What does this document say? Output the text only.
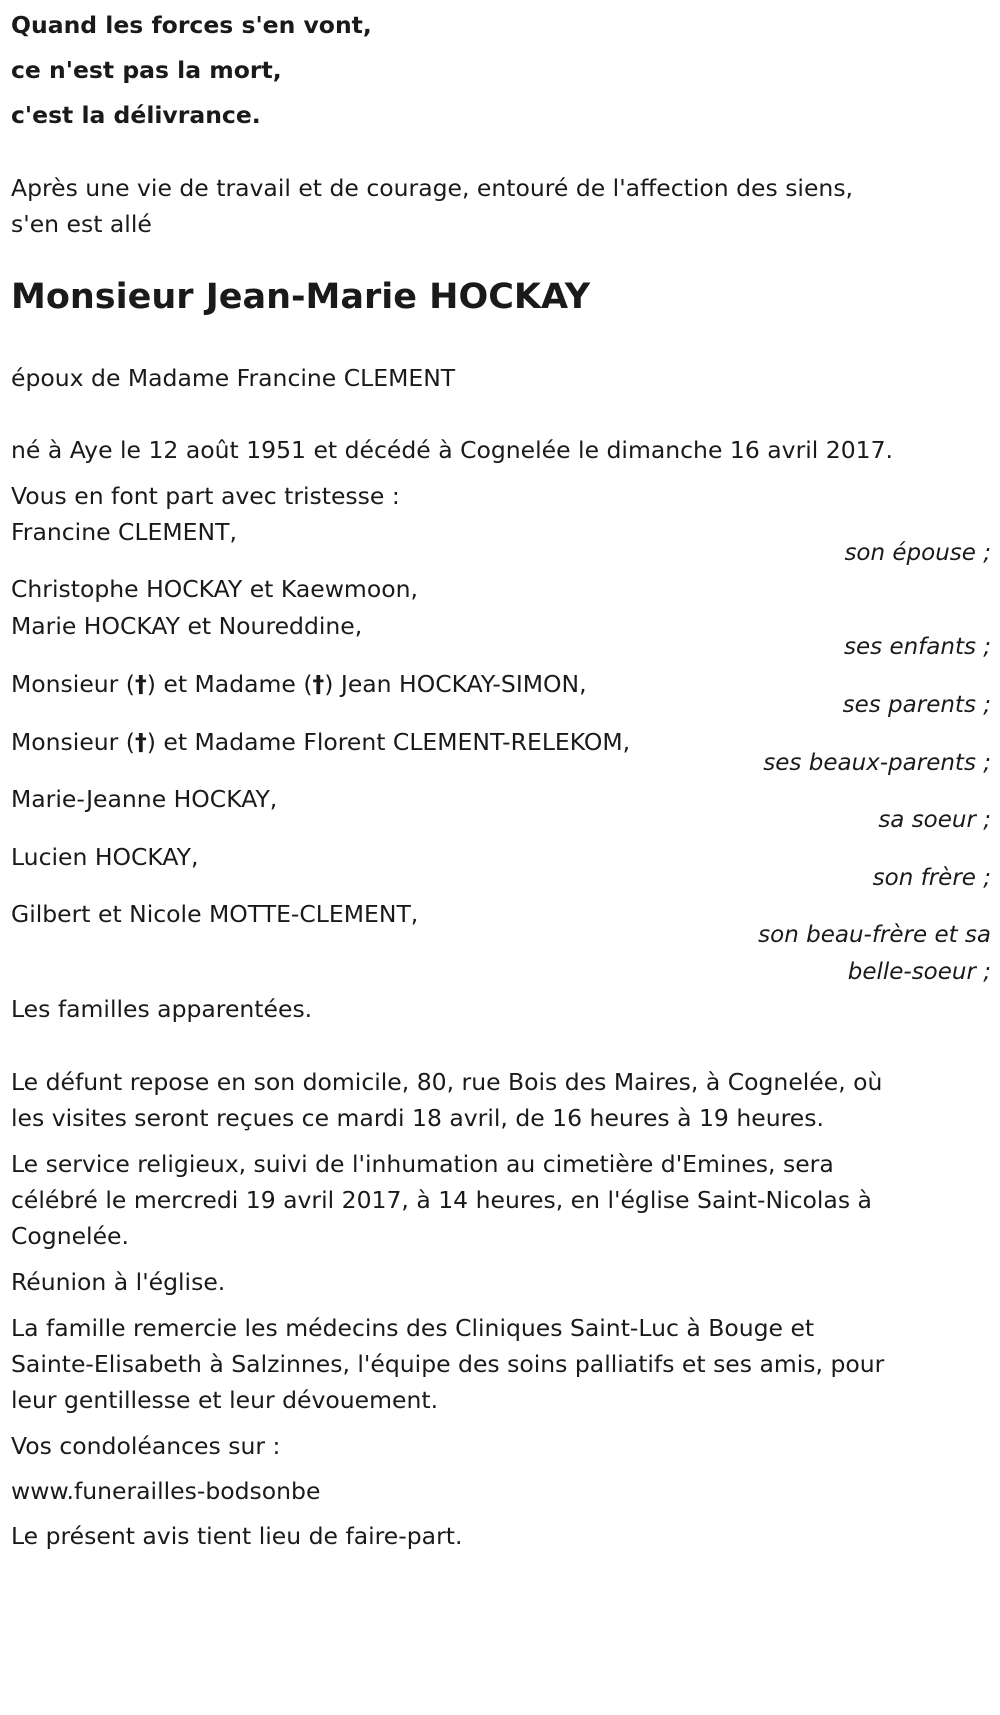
Quand les forces s'en vont,
ce n'est pas la mort,
c'est la délivrance.
Après une vie de travail et de courage, entouré de l'affection des siens,
s'en est allé
Monsieur Jean-Marie HOCKAY
époux de Madame Francine CLEMENT
né à Aye le 12 août 1951 et décédé à Cognelée le dimanche 16 avril 2017.
Vous en font part avec tristesse :
Francine CLEMENT,
son épouse ;
Christophe HOCKAY et Kaewmoon,
Marie HOCKAY et Noureddine,
ses enfants ;
Monsieur (†) et Madame (†) Jean HOCKAY-SIMON,
ses parents ;
Monsieur (†) et Madame Florent CLEMENT-RELEKOM,
ses beaux-parents ;
Marie-Jeanne HOCKAY,
sa soeur ;
Lucien HOCKAY,
son frère ;
Gilbert et Nicole MOTTE-CLEMENT,
son beau-frère et sa
belle-soeur ;
Les familles apparentées.
Le défunt repose en son domicile, 80, rue Bois des Maires, à Cognelée, où
les visites seront reçues ce mardi 18 avril, de 16 heures à 19 heures.
Le service religieux, suivi de l'inhumation au cimetière d'Emines, sera
célébré le mercredi 19 avril 2017, à 14 heures, en l'église Saint-Nicolas à
Cognelée.
Réunion à l'église.
La famille remercie les médecins des Cliniques Saint-Luc à Bouge et
Sainte-Elisabeth à Salzinnes, l'équipe des soins palliatifs et ses amis, pour
leur gentillesse et leur dévouement.
Vos condoléances sur :
www.funerailles-bodsonbe
Le présent avis tient lieu de faire-part.
